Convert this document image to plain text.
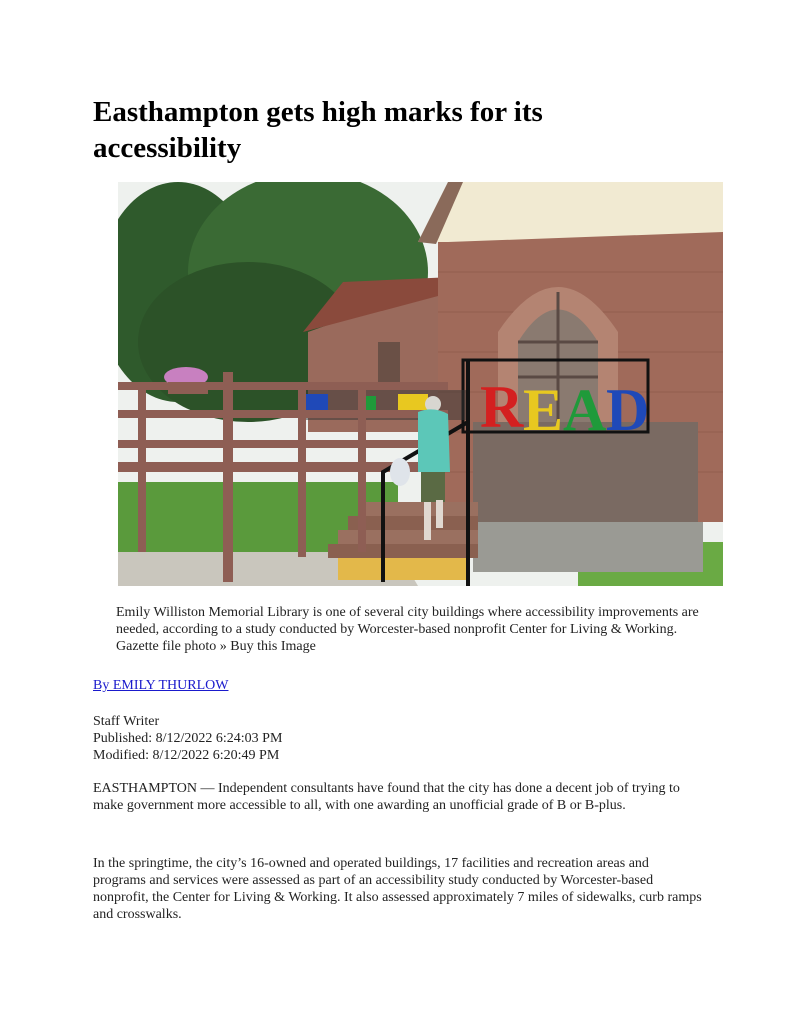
Easthampton gets high marks for its accessibility
R E A D
Emily Williston Memorial Library is one of several city buildings where accessibility improvements are needed, according to a study conducted by Worcester-based nonprofit Center for Living & Working. Gazette file photo » Buy this Image
By EMILY THURLOW
Staff Writer
Published: 8/12/2022 6:24:03 PM
Modified: 8/12/2022 6:20:49 PM

EASTHAMPTON — Independent consultants have found that the city has done a decent job of trying to make government more accessible to all, with one awarding an unofficial grade of B or B-plus.

In the springtime, the city’s 16-owned and operated buildings, 17 facilities and recreation areas and programs and services were assessed as part of an accessibility study conducted by Worcester-based nonprofit, the Center for Living & Working. It also assessed approximately 7 miles of sidewalks, curb ramps and crosswalks.
